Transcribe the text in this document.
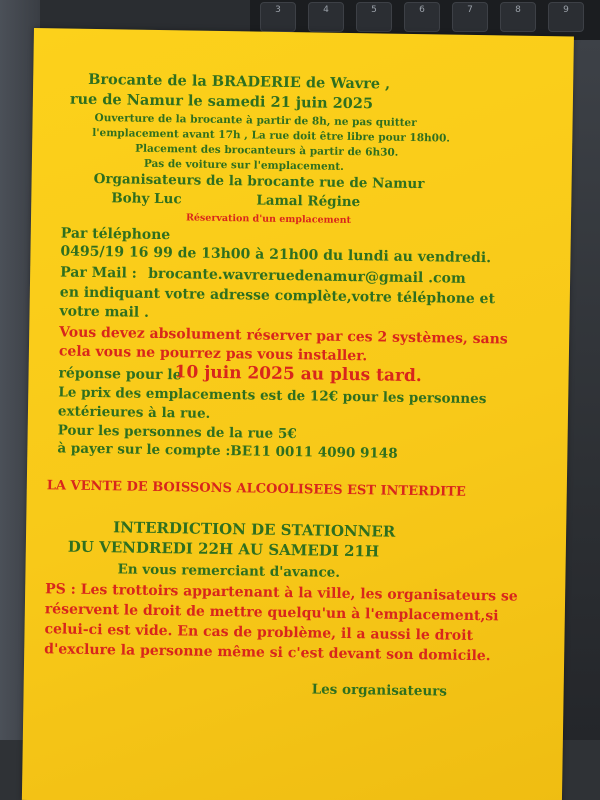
3	4	5	6	7	8	9
Brocante de la BRADERIE de Wavre ,
rue de Namur le samedi 21 juin 2025
Ouverture de la brocante à partir de 8h, ne pas quitter
l'emplacement avant 17h , La rue doit être libre pour 18h00.
Placement des brocanteurs à partir de 6h30.
Pas de voiture sur l'emplacement.
Organisateurs de la brocante rue de Namur
Bohy Luc	Lamal Régine
Réservation d'un emplacement
Par téléphone
0495/19 16 99 de 13h00 à 21h00 du lundi au vendredi.
Par Mail : brocante.wavreruedenamur@gmail .com
en indiquant votre adresse complète,votre téléphone et
votre mail .
Vous devez absolument réserver par ces 2 systèmes, sans
cela vous ne pourrez pas vous installer.
réponse pour le
10 juin 2025 au plus tard.
Le prix des emplacements est de 12€ pour les personnes
extérieures à la rue.
Pour les personnes de la rue 5€
à payer sur le compte :BE11 0011 4090 9148
LA VENTE DE BOISSONS ALCOOLISEES EST INTERDITE
INTERDICTION DE STATIONNER
DU VENDREDI 22H AU SAMEDI 21H
En vous remerciant d'avance.
PS : Les trottoirs appartenant à la ville, les organisateurs se
réservent le droit de mettre quelqu'un à l'emplacement,si
celui-ci est vide. En cas de problème, il a aussi le droit
d'exclure la personne même si c'est devant son domicile.
Les organisateurs
